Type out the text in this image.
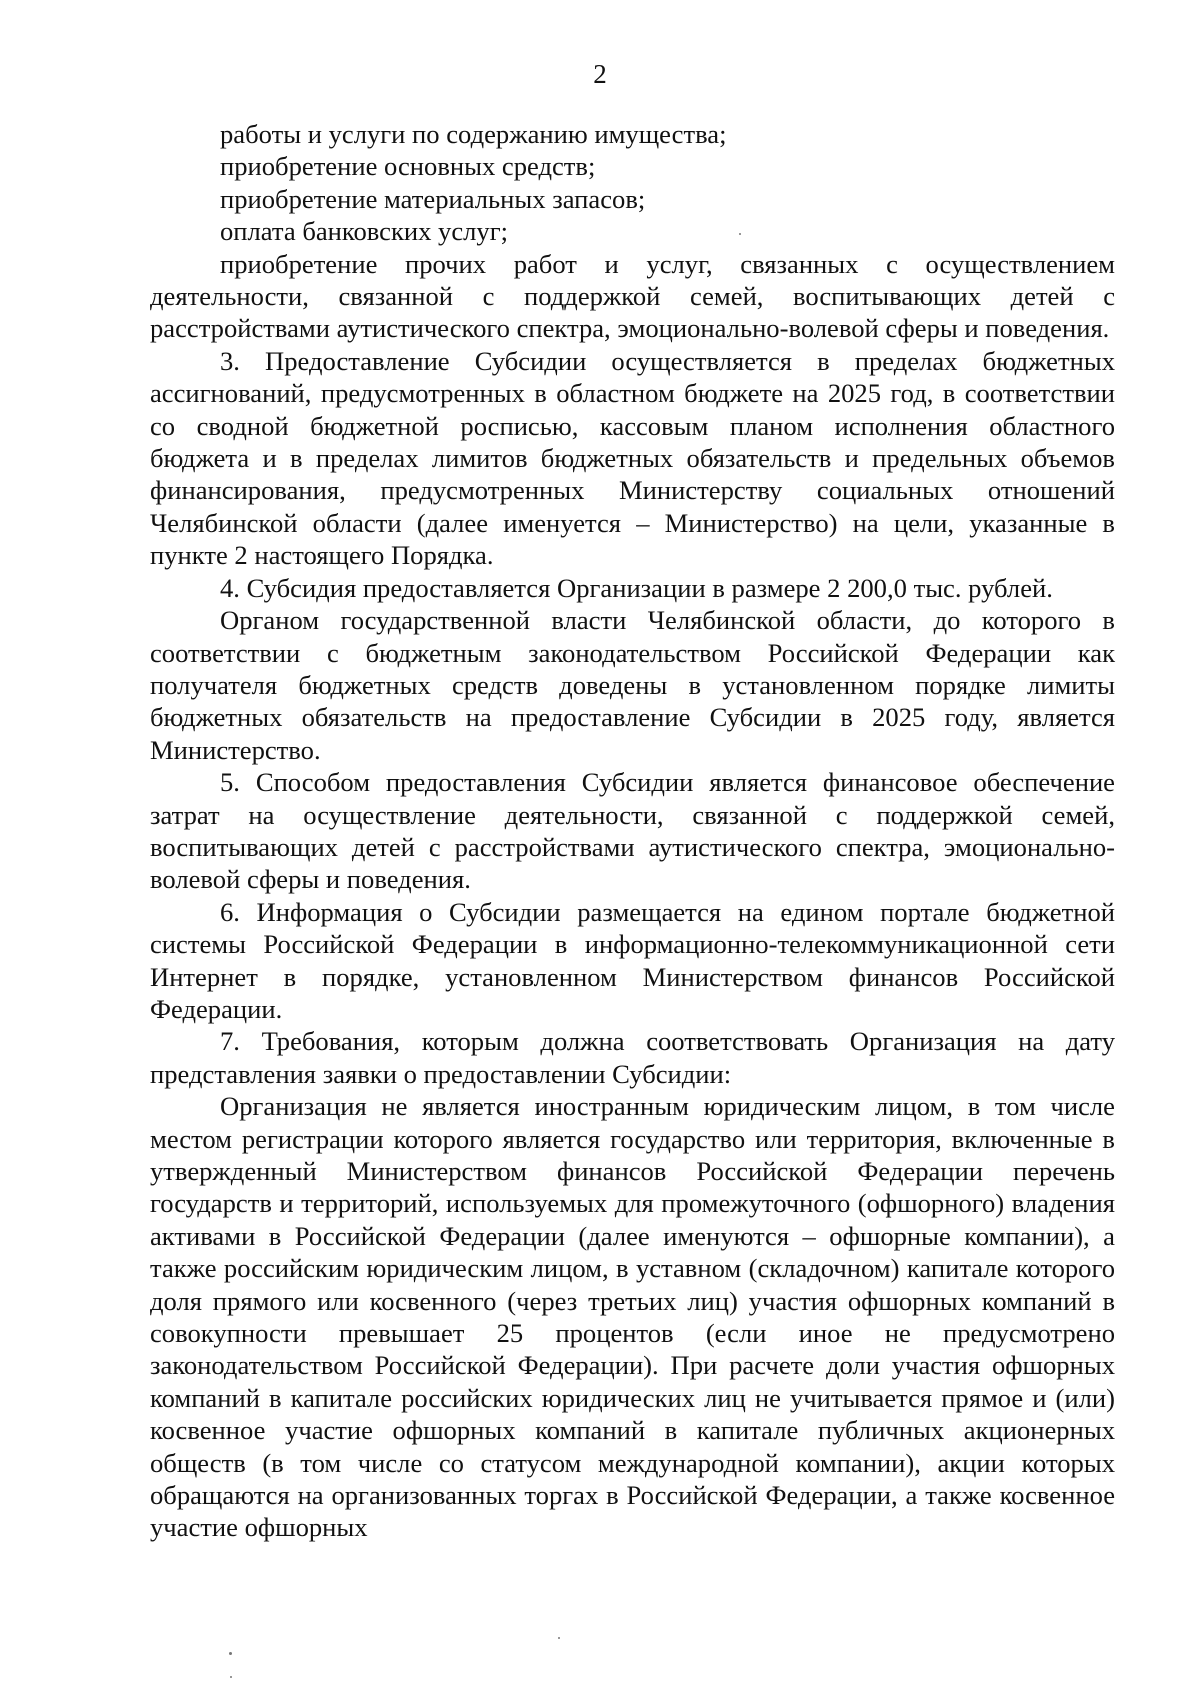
2

работы и услуги по содержанию имущества;

приобретение основных средств;

приобретение материальных запасов;

оплата банковских услуг;

приобретение прочих работ и услуг, связанных с осуществлением деятельности, связанной с поддержкой семей, воспитывающих детей с расстройствами аутистического спектра, эмоционально-волевой сферы и поведения.

3. Предоставление Субсидии осуществляется в пределах бюджетных ассигнований, предусмотренных в областном бюджете на 2025 год, в соответствии со сводной бюджетной росписью, кассовым планом исполнения областного бюджета и в пределах лимитов бюджетных обязательств и предельных объемов финансирования, предусмотренных Министерству социальных отношений Челябинской области (далее именуется – Министерство) на цели, указанные в пункте 2 настоящего Порядка.

4. Субсидия предоставляется Организации в размере 2 200,0 тыс. рублей.

Органом государственной власти Челябинской области, до которого в соответствии с бюджетным законодательством Российской Федерации как получателя бюджетных средств доведены в установленном порядке лимиты бюджетных обязательств на предоставление Субсидии в 2025 году, является Министерство.

5. Способом предоставления Субсидии является финансовое обеспечение затрат на осуществление деятельности, связанной с поддержкой семей, воспитывающих детей с расстройствами аутистического спектра, эмоционально-волевой сферы и поведения.

6. Информация о Субсидии размещается на едином портале бюджетной системы Российской Федерации в информационно-телекоммуникационной сети Интернет в порядке, установленном Министерством финансов Российской Федерации.

7. Требования, которым должна соответствовать Организация на дату представления заявки о предоставлении Субсидии:

Организация не является иностранным юридическим лицом, в том числе местом регистрации которого является государство или территория, включенные в утвержденный Министерством финансов Российской Федерации перечень государств и территорий, используемых для промежуточного (офшорного) владения активами в Российской Федерации (далее именуются – офшорные компании), а также российским юридическим лицом, в уставном (складочном) капитале которого доля прямого или косвенного (через третьих лиц) участия офшорных компаний в совокупности превышает 25 процентов (если иное не предусмотрено законодательством Российской Федерации). При расчете доли участия офшорных компаний в капитале российских юридических лиц не учитывается прямое и (или) косвенное участие офшорных компаний в капитале публичных акционерных обществ (в том числе со статусом международной компании), акции которых обращаются на организованных торгах в Российской Федерации, а также косвенное участие офшорных
